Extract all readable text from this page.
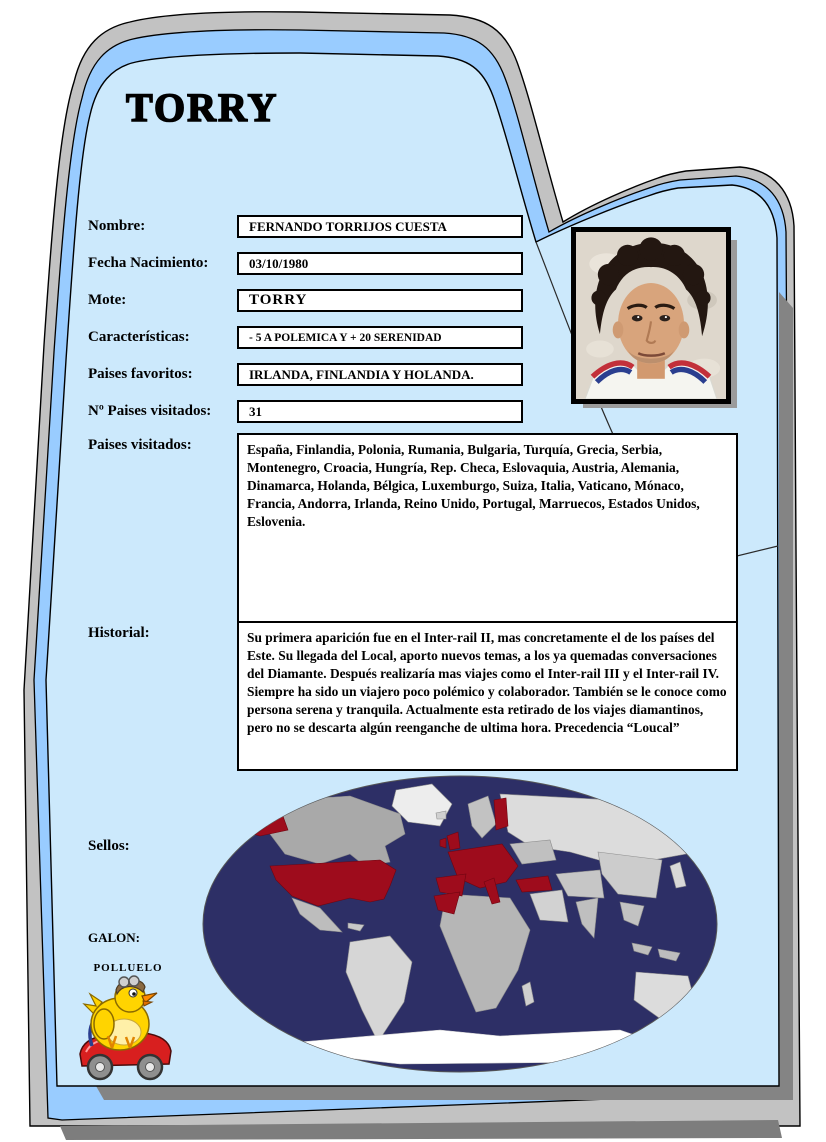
TORRY
Nombre:	FERNANDO TORRIJOS CUESTA
Fecha Nacimiento:	03/10/1980
Mote:	TORRY
Características:	- 5 A POLEMICA Y + 20 SERENIDAD
Paises favoritos:	IRLANDA, FINLANDIA Y HOLANDA.
Nº Paises visitados:	31
Paises visitados:	España, Finlandia, Polonia, Rumania, Bulgaria, Turquía, Grecia, Serbia, Montenegro, Croacia, Hungría, Rep. Checa, Eslovaquia, Austria, Alemania, Dinamarca, Holanda, Bélgica, Luxemburgo, Suiza, Italia, Vaticano, Mónaco, Francia, Andorra, Irlanda, Reino Unido, Portugal, Marruecos, Estados Unidos, Eslovenia.
Historial:	Su primera aparición fue en el Inter-rail II, mas concretamente el de los países del Este. Su llegada del Local, aporto nuevos temas, a los ya quemadas conversaciones del Diamante. Después realizaría mas viajes como el Inter-rail III y el Inter-rail IV. Siempre ha sido un viajero poco polémico y colaborador. También se le conoce como persona serena y tranquila. Actualmente esta retirado de los viajes diamantinos, pero no se descarta algún reenganche de ultima hora. Precedencia “Loucal”
Sellos:
GALON:
POLLUELO
